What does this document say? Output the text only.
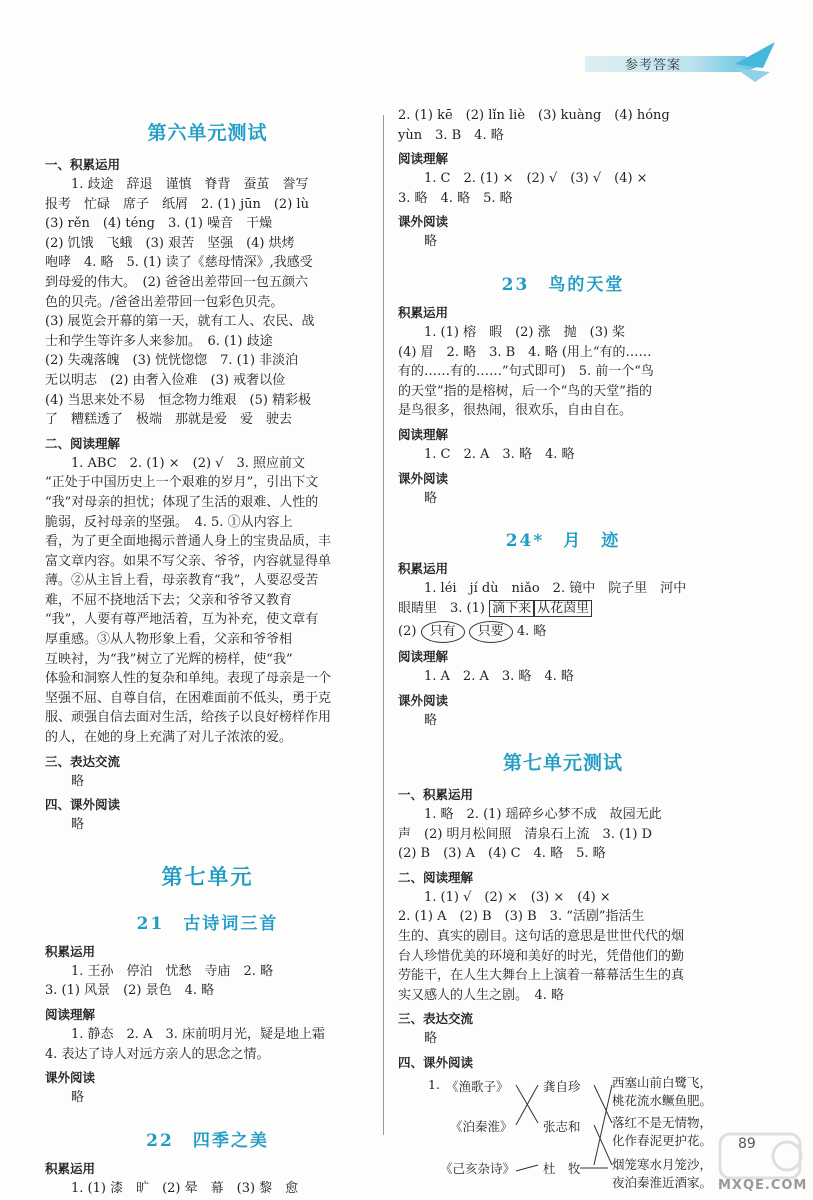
参考答案
第六单元测试
一、积累运用

1. 歧途　辞退　谨慎　脊背　蚕茧　誊写

报考　忙碌　席子　纸屑　2. (1) jūn　(2) lù

(3) rěn　(4) téng　3. (1) 噪音　干燥

(2) 饥饿　飞蛾　(3) 艰苦　坚强　(4) 烘烤

咆哮　4. 略　5. (1) 读了《慈母情深》,我感受

到母爱的伟大。　(2) 爸爸出差带回一包五颜六

色的贝壳。/爸爸出差带回一包彩色贝壳。

(3) 展览会开幕的第一天，就有工人、农民、战

士和学生等许多人来参加。　6. (1) 歧途

(2) 失魂落魄　(3) 恍恍惚惚　7. (1) 非淡泊

无以明志　(2) 由奢入俭难　(3) 戒奢以俭

(4) 当思来处不易　恒念物力维艰　(5) 精彩极

了　糟糕透了　极端　那就是爱　爱　驶去

二、阅读理解

1. ABC　2. (1) ×　(2) √　3. 照应前文

“正处于中国历史上一个艰难的岁月”，引出下文

“我”对母亲的担忧；体现了生活的艰难、人性的

脆弱，反衬母亲的坚强。　4. 5. ①从内容上

看，为了更全面地揭示普通人身上的宝贵品质，丰

富文章内容。如果不写父亲、爷爷，内容就显得单

薄。②从主旨上看，母亲教育“我”，人要忍受苦

难，不屈不挠地活下去；父亲和爷爷又教育

“我”，人要有尊严地活着，互为补充，使文章有

厚重感。③从人物形象上看，父亲和爷爷相

互映衬，为“我”树立了光辉的榜样，使“我”

体验和洞察人性的复杂和单纯。表现了母亲是一个

坚强不屈、自尊自信，在困难面前不低头，勇于克

服、顽强自信去面对生活，给孩子以良好榜样作用

的人，在她的身上充满了对儿子浓浓的爱。

三、表达交流

略

四、课外阅读

略

第七单元
21　古诗词三首
积累运用

1. 王孙　停泊　忧愁　寺庙　2. 略

3. (1) 风景　(2) 景色　4. 略

阅读理解

1. 静态　2. A　3. 床前明月光，疑是地上霜

4. 表达了诗人对远方亲人的思念之情。

课外阅读

略

22　四季之美
积累运用

1. (1) 漆　旷　(2) 晕　幕　(3) 黎　愈

2. (1) kē　(2) lǐn liè　(3) kuàng　(4) hóng

yùn　3. B　4. 略

阅读理解

1. C　2. (1) ×　(2) √　(3) √　(4) ×

3. 略　4. 略　5. 略

课外阅读

略

23　鸟的天堂
积累运用

1. (1) 榕　暇　(2) 涨　抛　(3) 桨

(4) 眉　2. 略　3. B　4. 略 (用上“有的……

有的……有的……”句式即可)　5. 前一个“鸟

的天堂”指的是榕树，后一个“鸟的天堂”指的

是鸟很多，很热闹，很欢乐，自由自在。

阅读理解

1. C　2. A　3. 略　4. 略

课外阅读

略

24*　月　迹
积累运用

1. léi　jí dù　niǎo　2. 镜中　院子里　河中

眼睛里　3. (1) 滴下来 从花茵里

(2) 只有 只要 4. 略

阅读理解

1. A　2. A　3. 略　4. 略

课外阅读

略

第七单元测试
一、积累运用

1. 略　2. (1) 瑶碎乡心梦不成　故园无此

声　(2) 明月松间照　清泉石上流　3. (1) D

(2) B　(3) A　(4) C　4. 略　5. 略

二、阅读理解

1. (1) √　(2) ×　(3) ×　(4) ×

2. (1) A　(2) B　(3) B　3. “活剧”指活生

生的、真实的剧目。这句话的意思是世世代代的烟

台人珍惜优美的环境和美好的时光，凭借他们的勤

劳能干，在人生大舞台上上演着一幕幕活生生的真

实又感人的人生之剧。　4. 略

三、表达交流

略

四、课外阅读
1. 《渔歌子》
《泊秦淮》
《己亥杂诗》
龚自珍
张志和
杜　牧
西塞山前白鹭飞，
桃花流水鳜鱼肥。
落红不是无情物，
化作春泥更护花。
烟笼寒水月笼沙，
夜泊秦淮近酒家。
89
MXQE.COM
